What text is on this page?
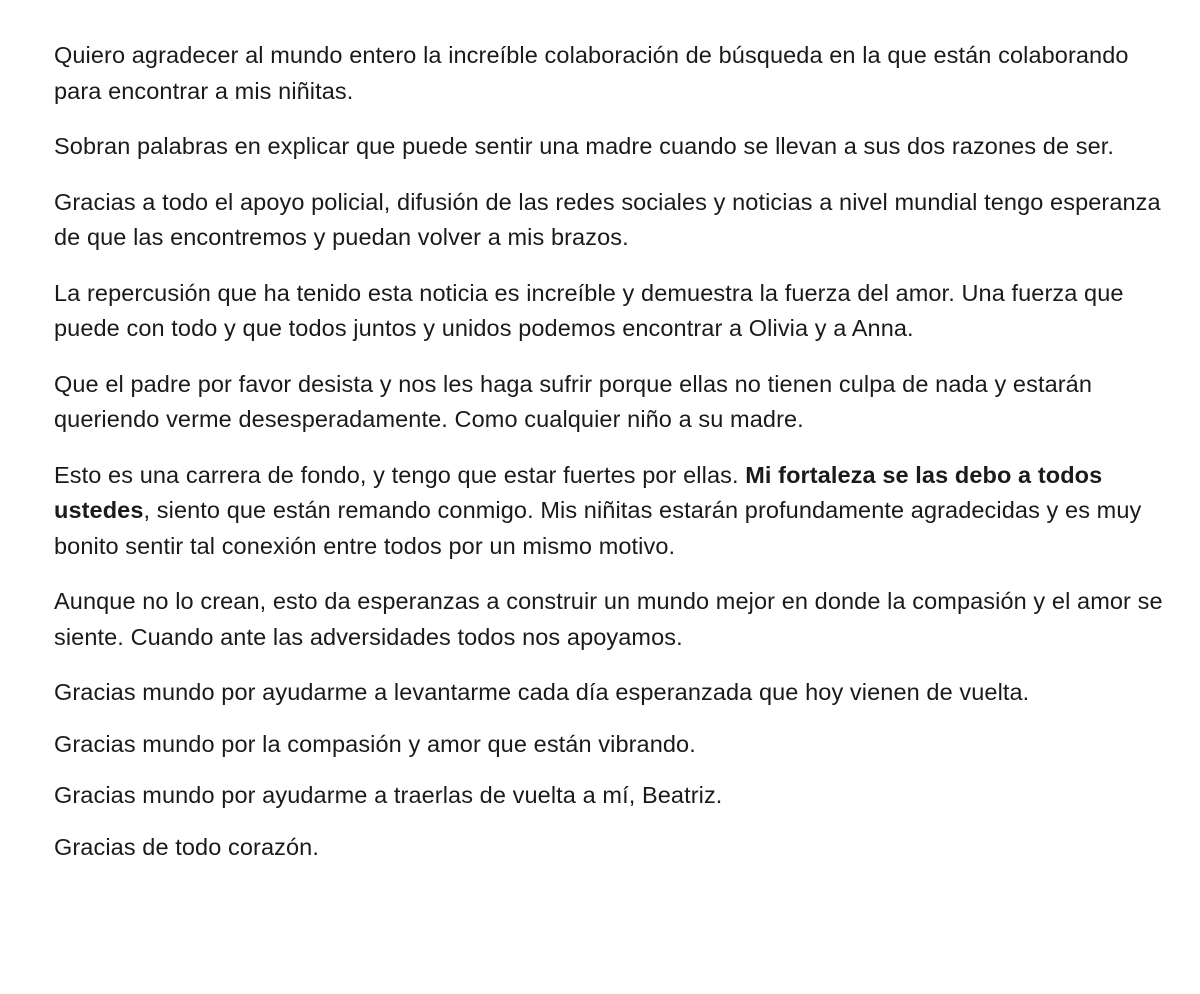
Quiero agradecer al mundo entero la increíble colaboración de búsqueda en la que están colaborando para encontrar a mis niñitas.

Sobran palabras en explicar que puede sentir una madre cuando se llevan a sus dos razones de ser.

Gracias a todo el apoyo policial, difusión de las redes sociales y noticias a nivel mundial tengo esperanza de que las encontremos y puedan volver a mis brazos.

La repercusión que ha tenido esta noticia es increíble y demuestra la fuerza del amor. Una fuerza que puede con todo y que todos juntos y unidos podemos encontrar a Olivia y a Anna.

Que el padre por favor desista y nos les haga sufrir porque ellas no tienen culpa de nada y estarán queriendo verme desesperadamente. Como cualquier niño a su madre.

Esto es una carrera de fondo, y tengo que estar fuertes por ellas. Mi fortaleza se las debo a todos ustedes, siento que están remando conmigo. Mis niñitas estarán profundamente agradecidas y es muy bonito sentir tal conexión entre todos por un mismo motivo.

Aunque no lo crean, esto da esperanzas a construir un mundo mejor en donde la compasión y el amor se siente. Cuando ante las adversidades todos nos apoyamos.

Gracias mundo por ayudarme a levantarme cada día esperanzada que hoy vienen de vuelta.

Gracias mundo por la compasión y amor que están vibrando.

Gracias mundo por ayudarme a traerlas de vuelta a mí, Beatriz.

Gracias de todo corazón.
